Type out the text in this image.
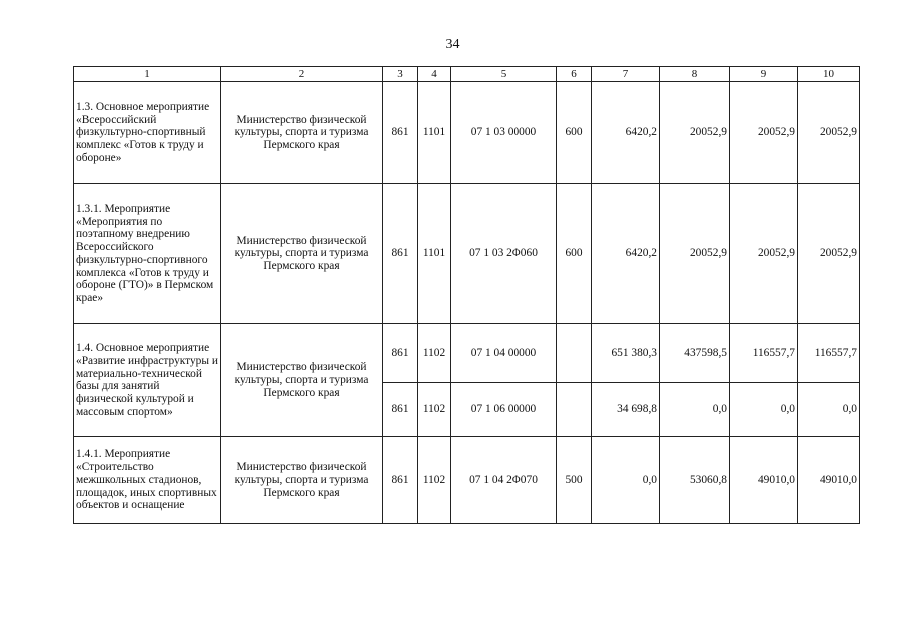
34
1	2	3	4	5	6	7	8	9	10
1.3. Основное мероприятие «Всероссийский физкультурно-спортивный комплекс «Готов к труду и обороне»	Министерство физической культуры, спорта и туризма Пермского края	861	1101	07 1 03 00000	600	6420,2	20052,9	20052,9	20052,9
1.3.1. Мероприятие «Мероприятия по поэтапному внедрению Всероссийского физкультурно-спортивного комплекса «Готов к труду и обороне (ГТО)» в Пермском крае»	Министерство физической культуры, спорта и туризма Пермского края	861	1101	07 1 03 2Ф060	600	6420,2	20052,9	20052,9	20052,9
1.4. Основное мероприятие «Развитие инфраструктуры и материально-технической базы для занятий физической культурой и массовым спортом»	Министерство физической культуры, спорта и туризма Пермского края	861	1102	07 1 04 00000		651 380,3	437598,5	116557,7	116557,7
		861	1102	07 1 06 00000		34 698,8	0,0	0,0	0,0
1.4.1. Мероприятие «Строительство межшкольных стадионов, площадок, иных спортивных объектов и оснащение	Министерство физической культуры, спорта и туризма Пермского края	861	1102	07 1 04 2Ф070	500	0,0	53060,8	49010,0	49010,0
